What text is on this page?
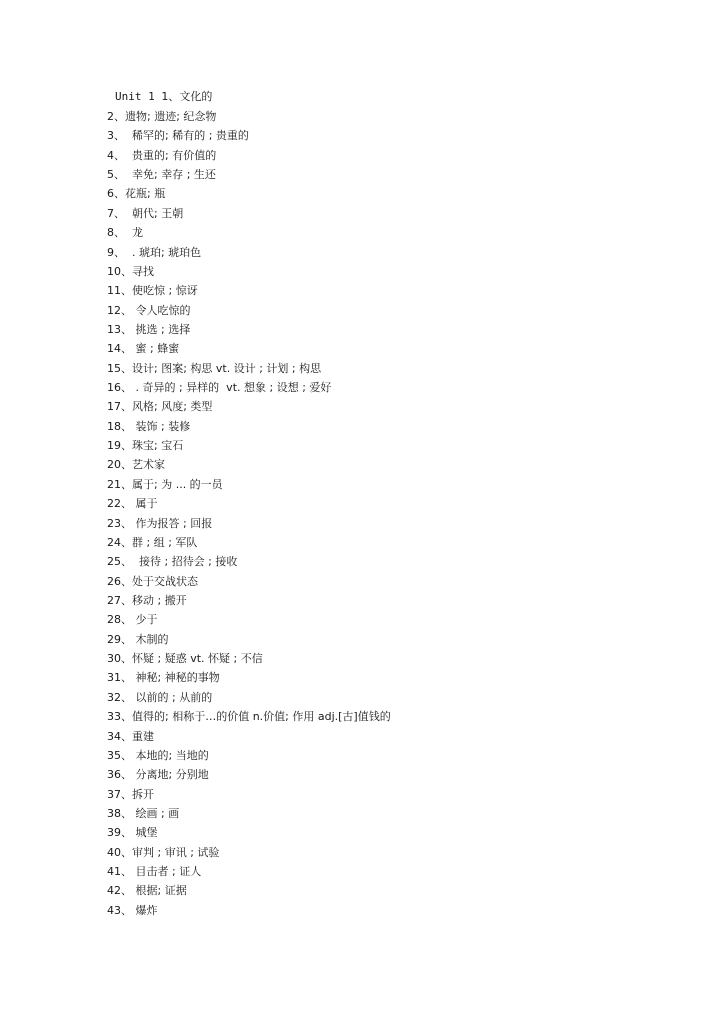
Unit 1 1、文化的
2、遗物; 遗迹; 纪念物
3、  稀罕的; 稀有的 ; 贵重的
4、  贵重的; 有价值的
5、  幸免; 幸存 ; 生还
6、花瓶; 瓶
7、  朝代; 王朝
8、  龙
9、  . 琥珀; 琥珀色
10、寻找
11、使吃惊 ; 惊讶
12、 令人吃惊的
13、 挑选 ; 选择
14、 蜜 ; 蜂蜜
15、设计; 图案; 构思 vt. 设计 ; 计划 ; 构思
16、 . 奇异的 ; 异样的  vt. 想象 ; 设想 ; 爱好
17、风格; 风度; 类型
18、 装饰 ; 装修
19、珠宝; 宝石
20、艺术家
21、属于; 为 ... 的一员
22、 属于
23、 作为报答 ; 回报
24、群 ; 组 ; 军队
25、  接待 ; 招待会 ; 接收
26、处于交战状态
27、移动 ; 搬开
28、 少于
29、 木制的
30、怀疑 ; 疑惑 vt. 怀疑 ; 不信
31、 神秘; 神秘的事物
32、 以前的 ; 从前的
33、值得的; 相称于…的价值 n.价值; 作用 adj.[古]值钱的
34、重建
35、 本地的; 当地的
36、 分离地; 分别地
37、拆开
38、 绘画 ; 画
39、 城堡
40、审判 ; 审讯 ; 试验
41、 目击者 ; 证人
42、 根据; 证据
43、 爆炸
